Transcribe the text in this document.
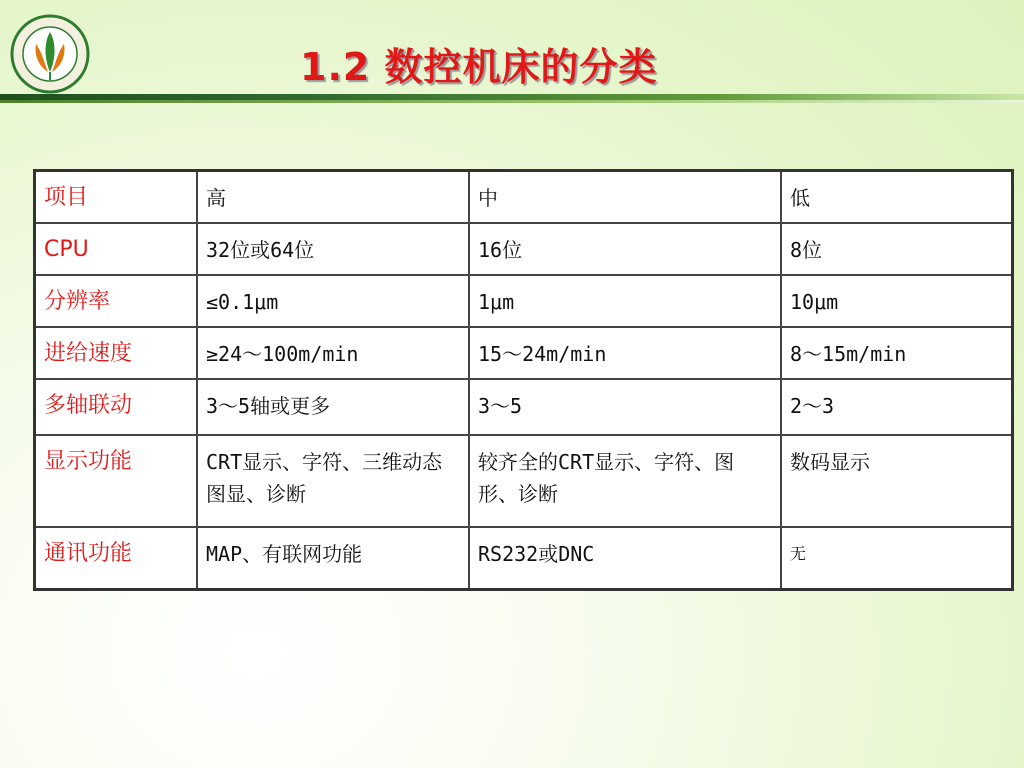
1.2 数控机床的分类
项目	高	中	低
CPU	32位或64位	16位	8位
分辨率	≤0.1μm	1μm	10μm
进给速度	≥24～100m/min	15～24m/min	8～15m/min
多轴联动	3～5轴或更多	3～5	2～3
显示功能	CRT显示、字符、三维动态图显、诊断	较齐全的CRT显示、字符、图形、诊断	数码显示
通讯功能	MAP、有联网功能	RS232或DNC	无
